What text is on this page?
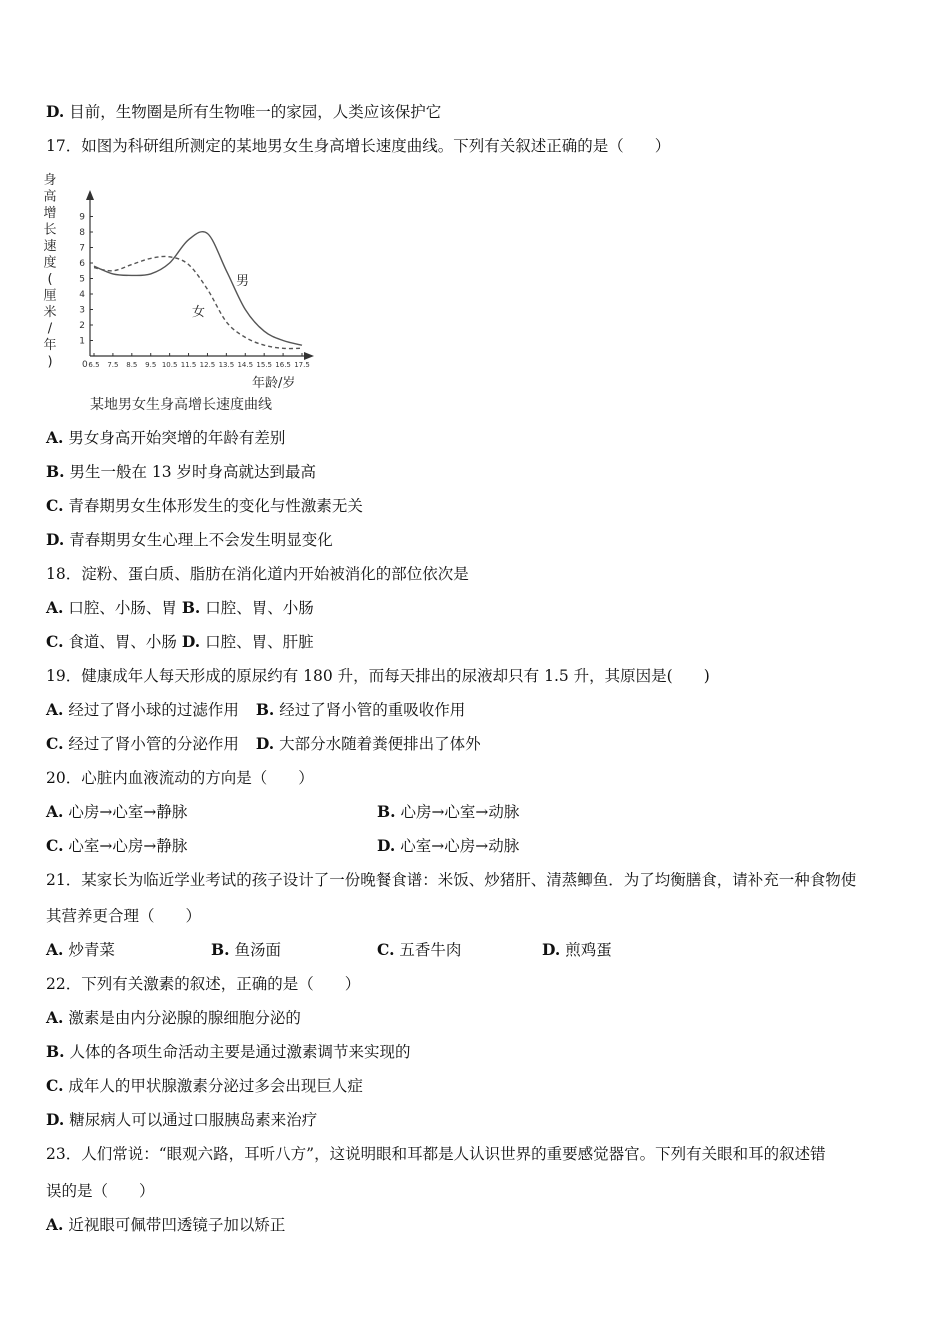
D. 目前，生物圈是所有生物唯一的家园，人类应该保护它
17．如图为科研组所测定的某地男女生身高增长速度曲线。下列有关叙述正确的是（　　）
身
高
增
长
速
度
(
厘
米
/
年
)	0
1
2
3
4
5
6
7
8
9
6.5 7.5 8.5 9.5 10.5 11.5 12.5 13.5 14.5 15.5 16.5 17.5
男
女
年龄/岁
某地男女生身高增长速度曲线
A. 男女身高开始突增的年龄有差别
B. 男生一般在 13 岁时身高就达到最高
C. 青春期男女生体形发生的变化与性激素无关
D. 青春期男女生心理上不会发生明显变化
18．淀粉、蛋白质、脂肪在消化道内开始被消化的部位依次是
A. 口腔、小肠、胃 B. 口腔、胃、小肠
C. 食道、胃、小肠 D. 口腔、胃、肝脏
19．健康成年人每天形成的原尿约有 180 升，而每天排出的尿液却只有 1.5 升，其原因是(　　)
A. 经过了肾小球的过滤作用 B. 经过了肾小管的重吸收作用
C. 经过了肾小管的分泌作用 D. 大部分水随着粪便排出了体外
20．心脏内血液流动的方向是（　　）
A. 心房→心室→静脉	B. 心房→心室→动脉
C. 心室→心房→静脉	D. 心室→心房→动脉
21．某家长为临近学业考试的孩子设计了一份晚餐食谱：米饭、炒猪肝、清蒸鲫鱼．为了均衡膳食，请补充一种食物使
其营养更合理（　　）
A. 炒青菜	B. 鱼汤面	C. 五香牛肉	D. 煎鸡蛋
22．下列有关激素的叙述，正确的是（　　）
A. 激素是由内分泌腺的腺细胞分泌的
B. 人体的各项生命活动主要是通过激素调节来实现的
C. 成年人的甲状腺激素分泌过多会出现巨人症
D. 糖尿病人可以通过口服胰岛素来治疗
23．人们常说：“眼观六路，耳听八方”，这说明眼和耳都是人认识世界的重要感觉器官。下列有关眼和耳的叙述错
误的是（　　）
A. 近视眼可佩带凹透镜子加以矫正
